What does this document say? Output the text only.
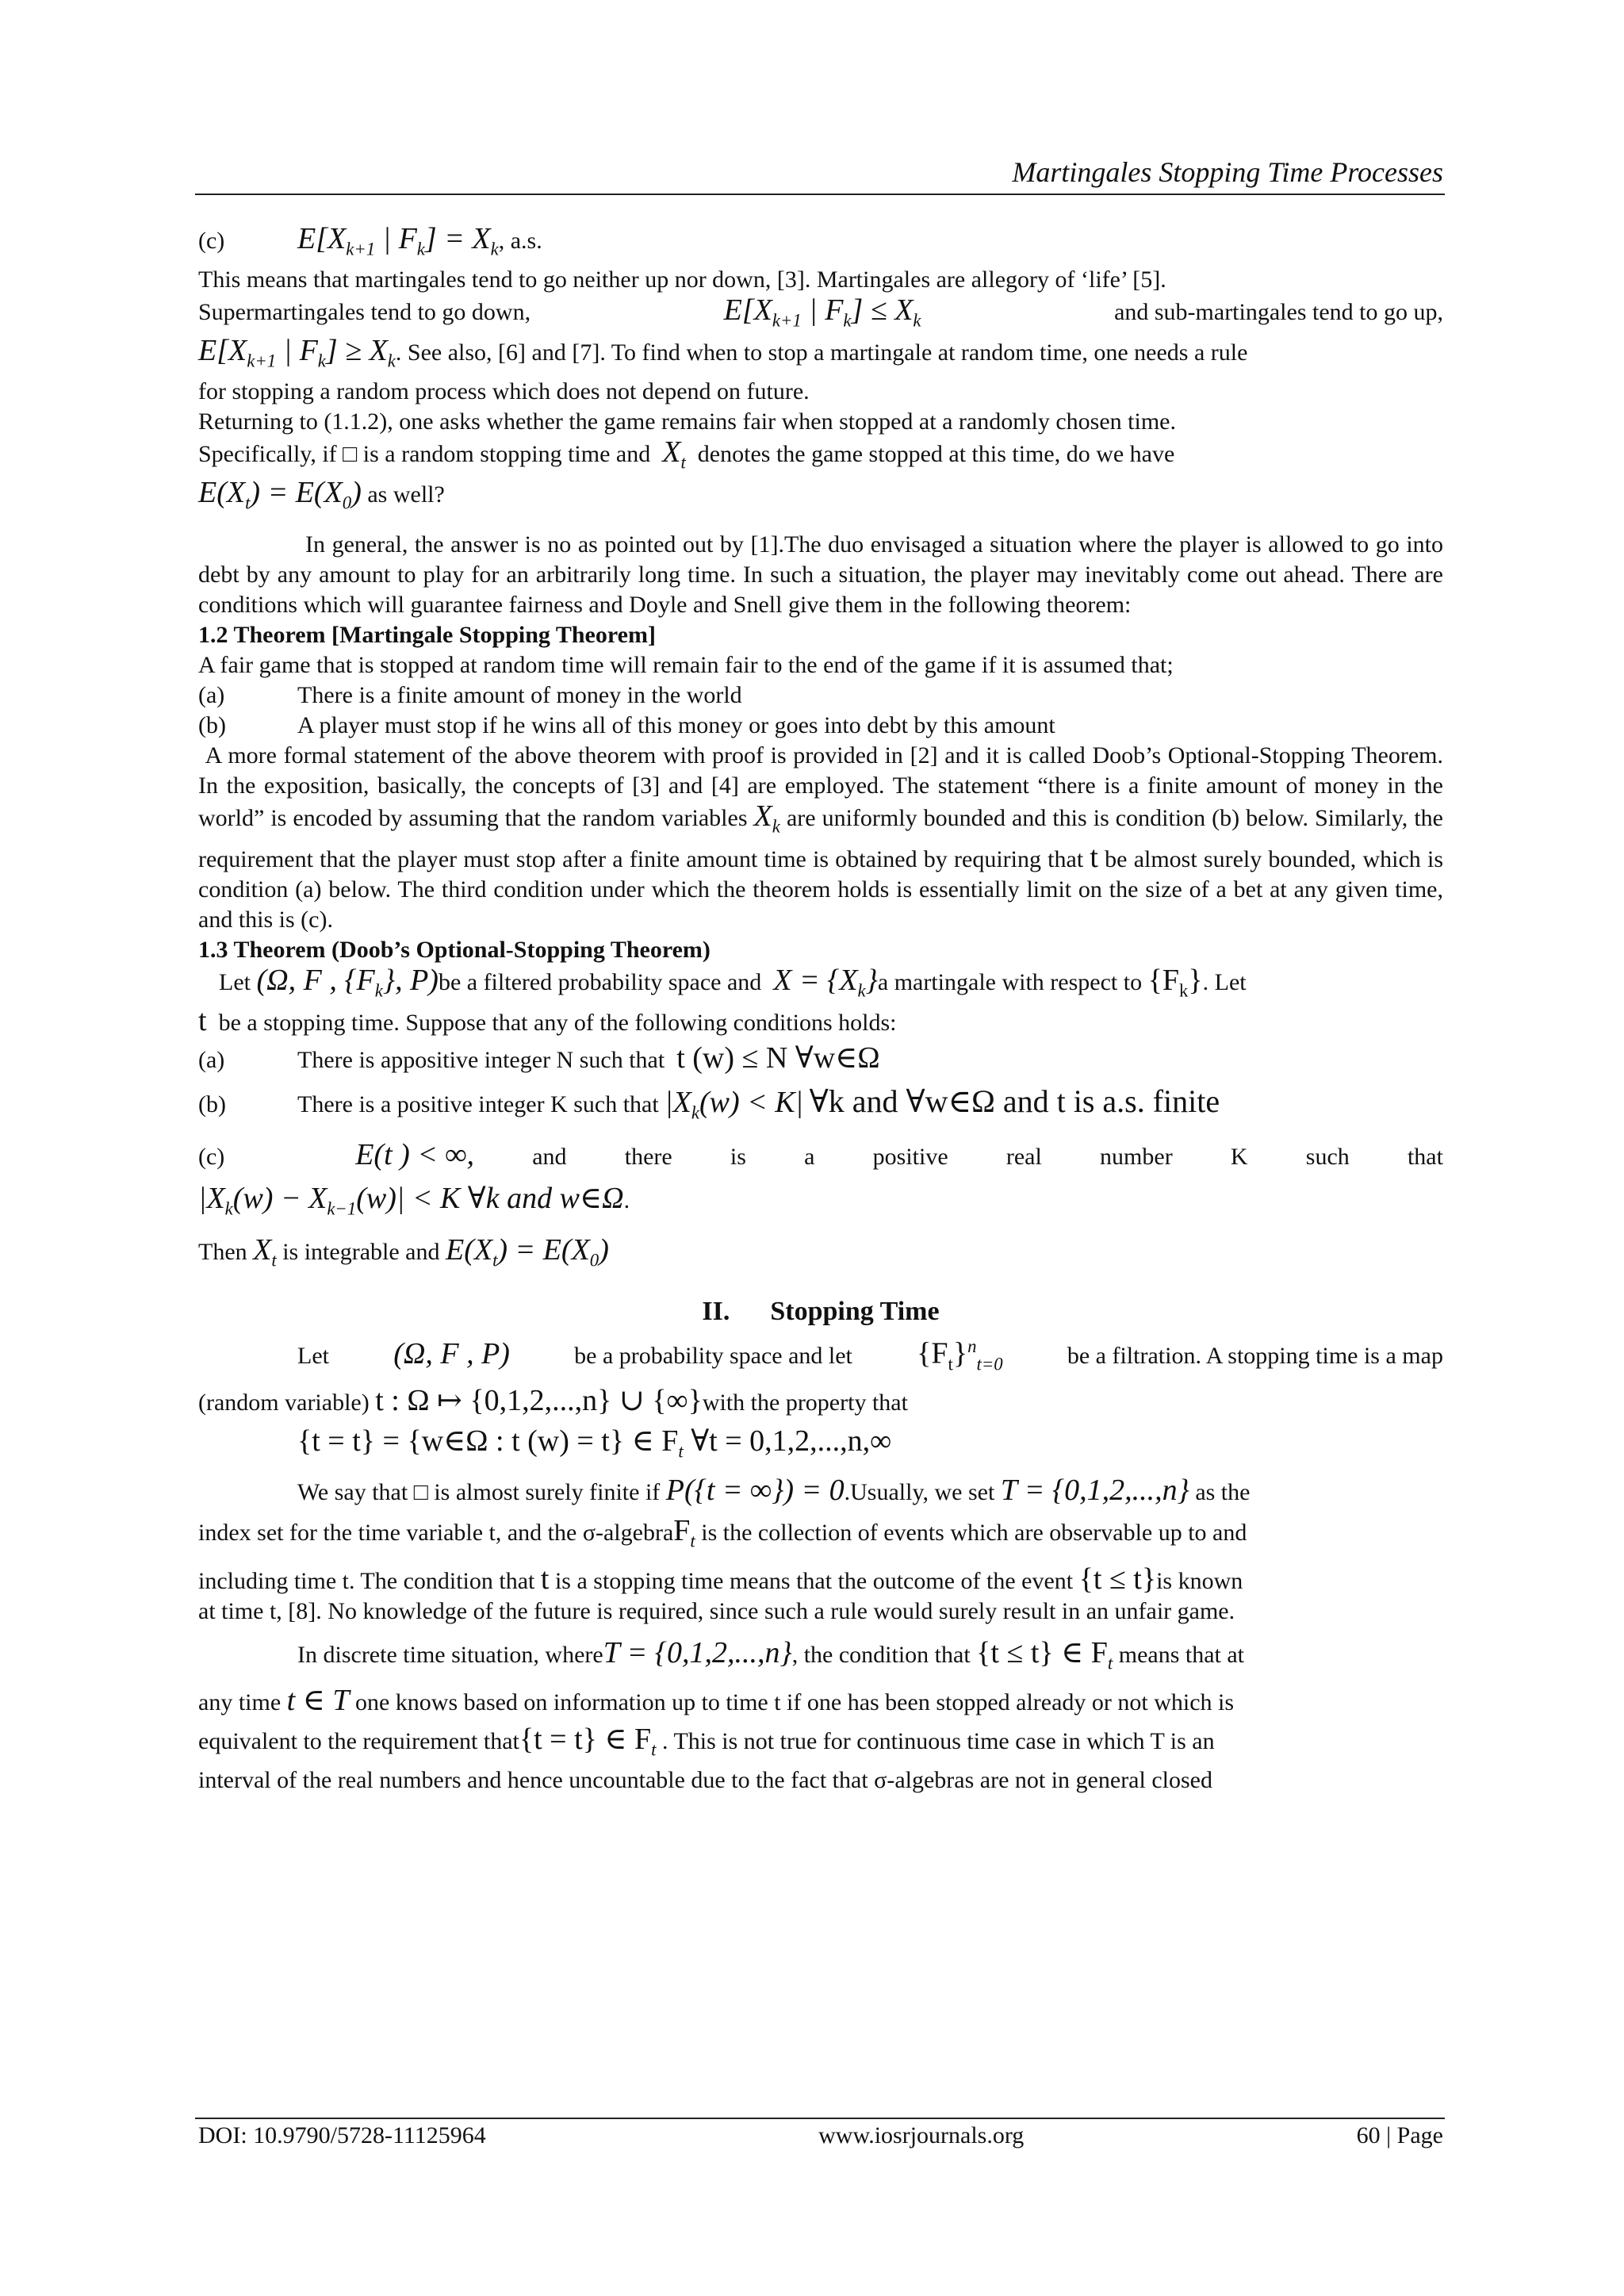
Martingales Stopping Time Processes
(c)	$E[X_{k+1}$ | $F_k] = X_k$ , a.s.

This means that martingales tend to go neither up nor down, [3]. Martingales are allegory of ‘life’ [5].

Supermartingales tend to go down,	$E[X_{k+1}$ | $F_k] \le X_k$	and sub-martingales tend to go up,
$E[X_{k+1}$ | $F_k] \ge X_k$ . See also, [6] and [7]. To find when to stop a martingale at random time, one needs a rule

for stopping a random process which does not depend on future.

Returning to (1.1.2), one asks whether the game remains fair when stopped at a randomly chosen time.

Specifically, if □ is a random stopping time and
$X_t$
denotes the game stopped at this time, do we have
$E(X_t) = E(X_0)$
as well?

In general, the answer is no as pointed out by [1].The duo envisaged a situation where the player is allowed to go into debt by any amount to play for an arbitrarily long time. In such a situation, the player may inevitably come out ahead. There are conditions which will guarantee fairness and Doyle and Snell give them in the following theorem:

1.2 Theorem [Martingale Stopping Theorem]

A fair game that is stopped at random time will remain fair to the end of the game if it is assumed that;

(a)	There is a finite amount of money in the world
(b)	A player must stop if he wins all of this money or goes into debt by this amount

A more formal statement of the above theorem with proof is provided in [2] and it is called Doob’s Optional-Stopping Theorem. In the exposition, basically, the concepts of [3] and [4] are employed. The statement “there is a finite amount of money in the world” is encoded by assuming that the random variables $X_k$ are uniformly bounded and this is condition (b) below. Similarly, the requirement that the player must stop after a finite amount time is obtained by requiring that t be almost surely bounded, which is condition (a) below. The third condition under which the theorem holds is essentially limit on the size of a bet at any given time, and this is (c).

1.3 Theorem (Doob’s Optional-Stopping Theorem)

Let
(Ω, F , $\{F_k\}$, P) be a filtered probability space and
$X = \{X_k\}$ a martingale with respect to
$\{F_k\}$ . Let
t
be a stopping time. Suppose that any of the following conditions holds:
(a)	There is appositive integer N such that
t (w) ≤ N ∀w∈Ω
(b)	There is a positive integer K such that
$|X_k(w) < K|$
∀k and ∀w∈Ω and t is a.s. finite
(c)	E(t ) < ∞, and there is a positive real number K such that
$|X_k(w) - X_{k-1}(w)| < K$ ∀k and w∈Ω .
Then
$X_t$
is integrable and
$E(X_t) = E(X_0)$
II. Stopping Time
Let (Ω, F , P)	be a probability space and let $\{F_t\}^n_{t=0}$	be a filtration. A stopping time is a map
(random variable)
t : Ω ↦ {0,1,2,...,n} ∪ {∞} with the property that
{t = t} = {w∈Ω : t (w) = t} ∈ $F_t$ ∀t = 0,1,2,...,n,∞
We say that □ is almost surely finite if
P({t = ∞}) = 0 .Usually, we set
T = {0,1,2,...,n}
as the
index set for the time variable t, and the σ-algebra $F_t$
is the collection of events which are observable up to and
including time t. The condition that
t
is a stopping time means that the outcome of the event
{t ≤ t} is known

at time t, [8]. No knowledge of the future is required, since such a rule would surely result in an unfair game.

In discrete time situation, where T = {0,1,2,...,n} , the condition that
{t ≤ t} ∈ $F_t$
means that at
any time
t ∈ T
one knows based on information up to time t if one has been stopped already or not which is
equivalent to the requirement that {t = t} ∈ $F_t$
. This is not true for continuous time case in which T is an

interval of the real numbers and hence uncountable due to the fact that σ-algebras are not in general closed

DOI: 10.9790/5728-11125964	www.iosrjournals.org	60 | Page
